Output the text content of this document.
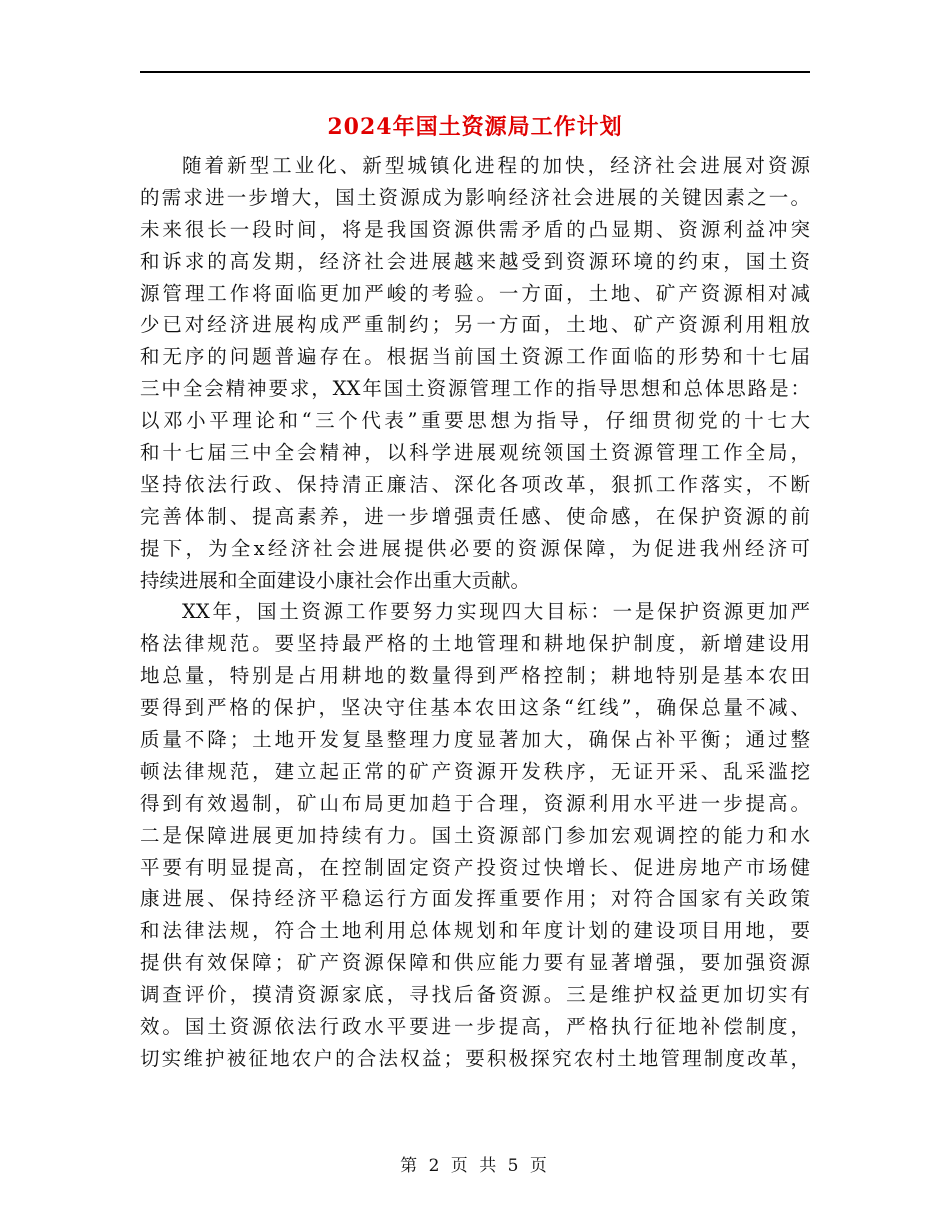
2024年国土资源局工作计划
随着新型工业化、新型城镇化进程的加快，经济社会进展对资源
的需求进一步增大，国土资源成为影响经济社会进展的关键因素之一。
未来很长一段时间，将是我国资源供需矛盾的凸显期、资源利益冲突
和诉求的高发期，经济社会进展越来越受到资源环境的约束，国土资
源管理工作将面临更加严峻的考验。一方面，土地、矿产资源相对减
少已对经济进展构成严重制约；另一方面，土地、矿产资源利用粗放
和无序的问题普遍存在。根据当前国土资源工作面临的形势和十七届
三中全会精神要求，XX年国土资源管理工作的指导思想和总体思路是：
以邓小平理论和“三个代表”重要思想为指导，仔细贯彻党的十七大
和十七届三中全会精神，以科学进展观统领国土资源管理工作全局，
坚持依法行政、保持清正廉洁、深化各项改革，狠抓工作落实，不断
完善体制、提高素养，进一步增强责任感、使命感，在保护资源的前
提下，为全x经济社会进展提供必要的资源保障，为促进我州经济可
持续进展和全面建设小康社会作出重大贡献。
XX年，国土资源工作要努力实现四大目标：一是保护资源更加严
格法律规范。要坚持最严格的土地管理和耕地保护制度，新增建设用
地总量，特别是占用耕地的数量得到严格控制；耕地特别是基本农田
要得到严格的保护，坚决守住基本农田这条“红线”，确保总量不减、
质量不降；土地开发复垦整理力度显著加大，确保占补平衡；通过整
顿法律规范，建立起正常的矿产资源开发秩序，无证开采、乱采滥挖
得到有效遏制，矿山布局更加趋于合理，资源利用水平进一步提高。
二是保障进展更加持续有力。国土资源部门参加宏观调控的能力和水
平要有明显提高，在控制固定资产投资过快增长、促进房地产市场健
康进展、保持经济平稳运行方面发挥重要作用；对符合国家有关政策
和法律法规，符合土地利用总体规划和年度计划的建设项目用地，要
提供有效保障；矿产资源保障和供应能力要有显著增强，要加强资源
调查评价，摸清资源家底，寻找后备资源。三是维护权益更加切实有
效。国土资源依法行政水平要进一步提高，严格执行征地补偿制度，
切实维护被征地农户的合法权益；要积极探究农村土地管理制度改革，
第 2 页 共 5 页
